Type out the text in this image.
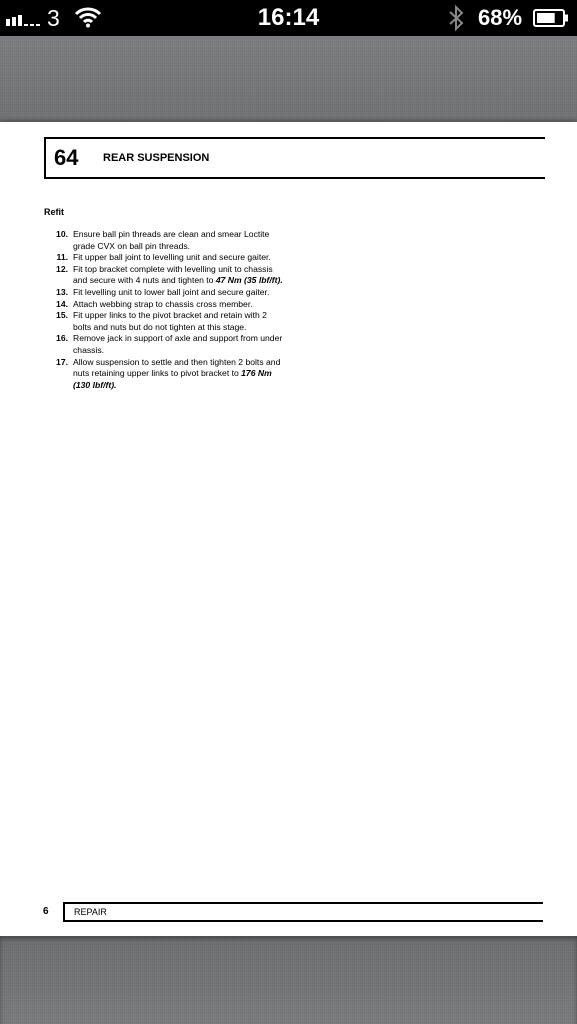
3	16:14	68%
64 REAR SUSPENSION
Refit
10. Ensure ball pin threads are clean and smear Loctite grade CVX on ball pin threads.
11. Fit upper ball joint to levelling unit and secure gaiter.
12. Fit top bracket complete with levelling unit to chassis and secure with 4 nuts and tighten to 47 Nm (35 lbf/ft).
13. Fit levelling unit to lower ball joint and secure gaiter.
14. Attach webbing strap to chassis cross member.
15. Fit upper links to the pivot bracket and retain with 2 bolts and nuts but do not tighten at this stage.
16. Remove jack in support of axle and support from under chassis.
17. Allow suspension to settle and then tighten 2 bolts and nuts retaining upper links to pivot bracket to 176 Nm (130 lbf/ft).
6	REPAIR
